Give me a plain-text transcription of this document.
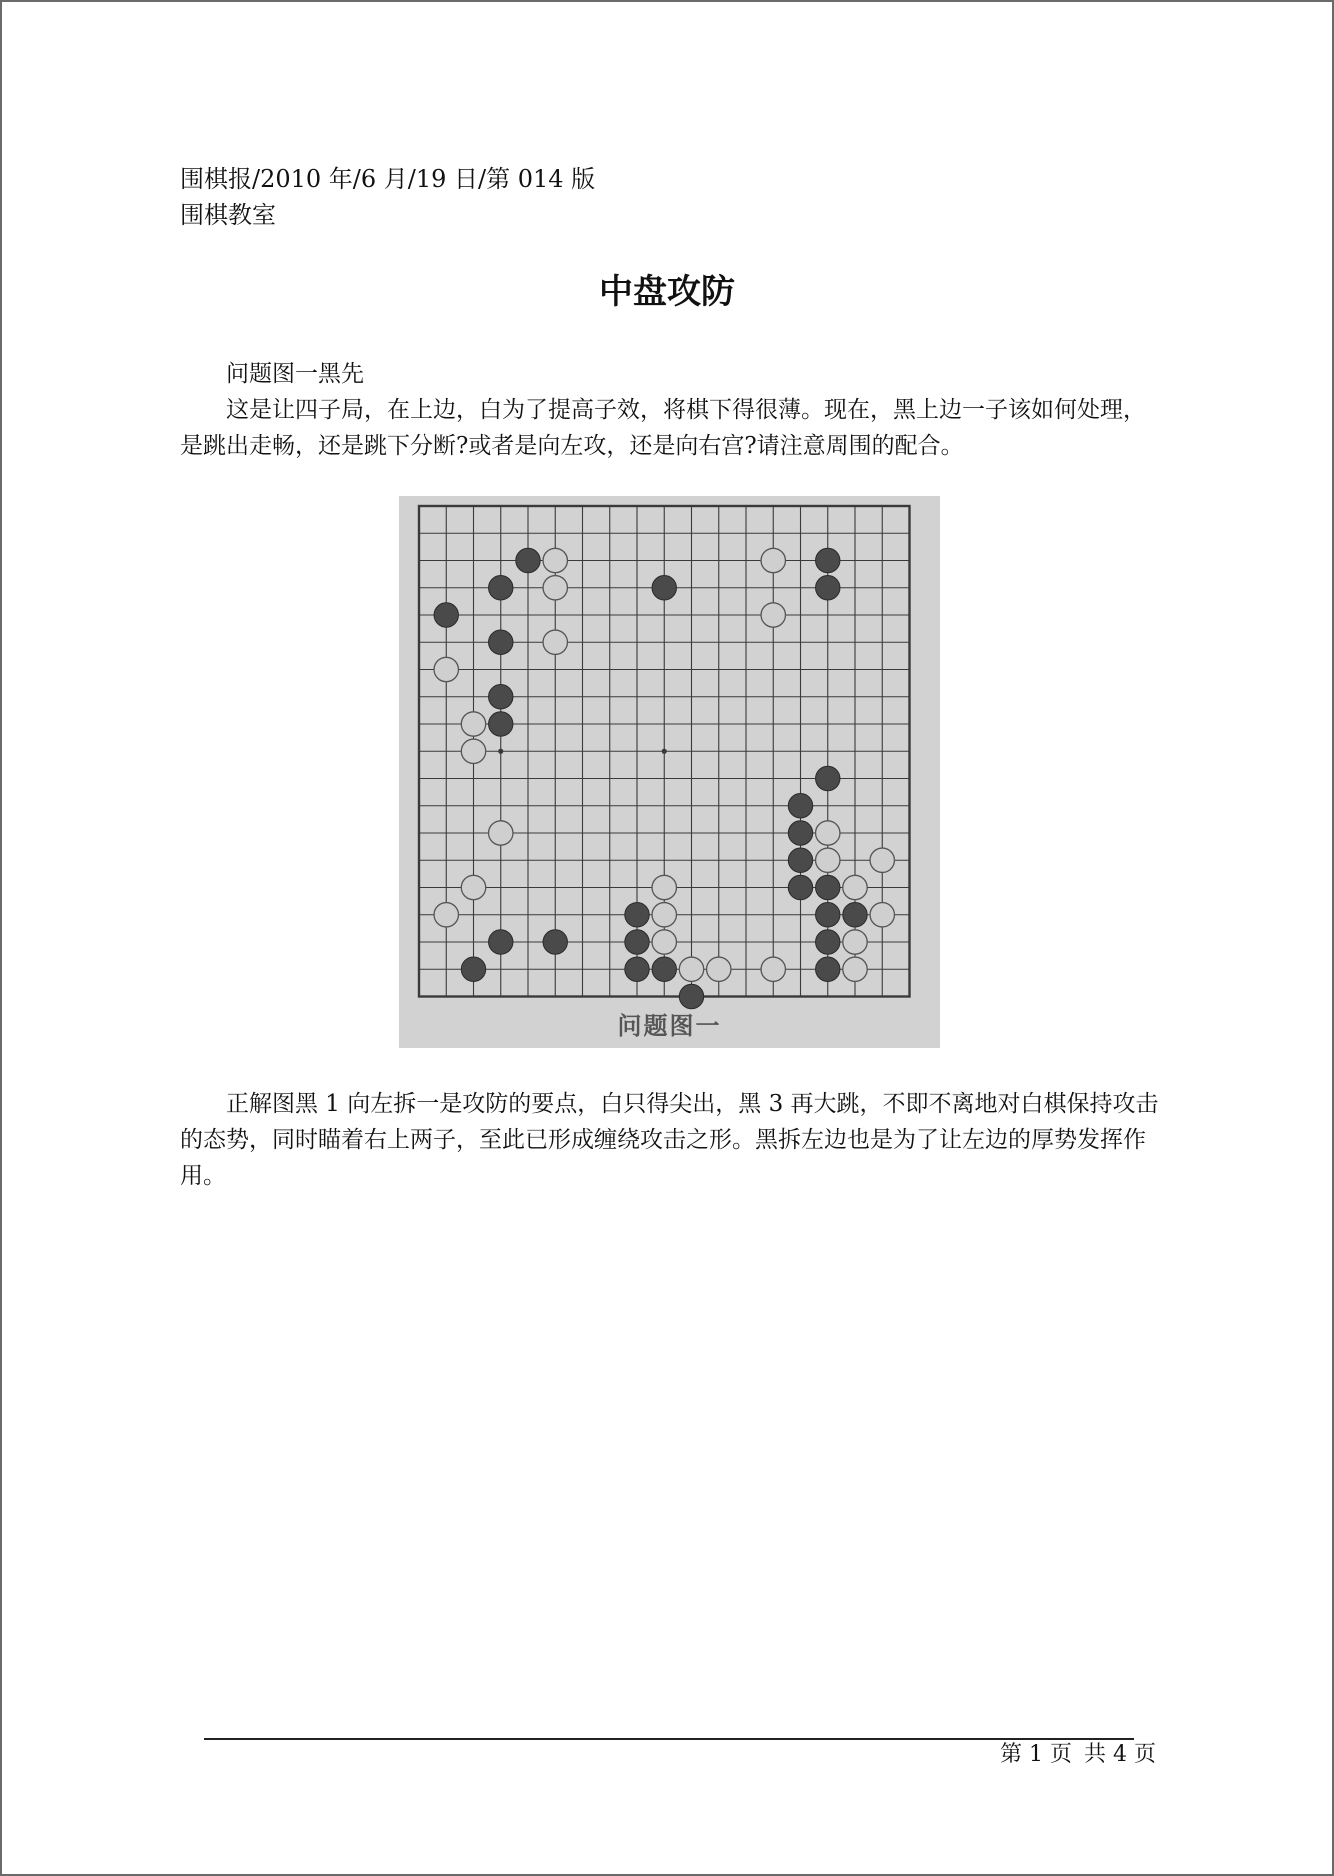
围棋报/2010 年/6 月/19 日/第 014 版
围棋教室
中盘攻防
问题图一黑先
这是让四子局，在上边，白为了提高子效，将棋下得很薄。现在，黑上边一子该如何处理，是跳出走畅，还是跳下分断?或者是向左攻，还是向右宫?请注意周围的配合。
问题图一
正解图黑 1 向左拆一是攻防的要点，白只得尖出，黑 3 再大跳，不即不离地对白棋保持攻击的态势，同时瞄着右上两子，至此已形成缠绕攻击之形。黑拆左边也是为了让左边的厚势发挥作用。
第 1 页 共 4 页
